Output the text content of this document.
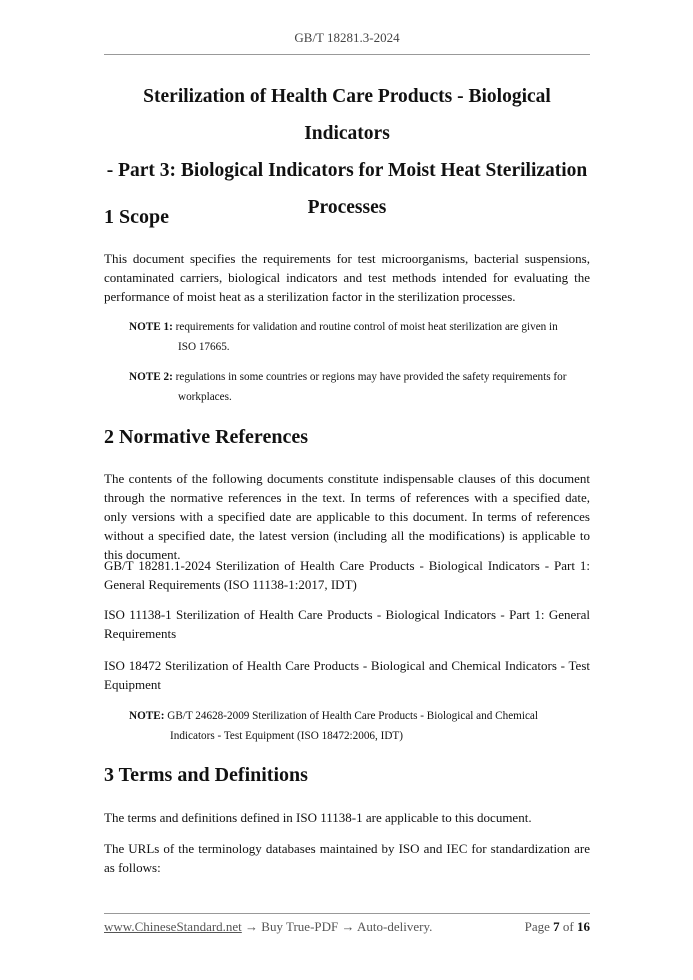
GB/T 18281.3-2024
Sterilization of Health Care Products - Biological Indicators
- Part 3: Biological Indicators for Moist Heat Sterilization
Processes
1 Scope
This document specifies the requirements for test microorganisms, bacterial suspensions, contaminated carriers, biological indicators and test methods intended for evaluating the performance of moist heat as a sterilization factor in the sterilization processes.
NOTE 1: requirements for validation and routine control of moist heat sterilization are given in
ISO 17665.
NOTE 2: regulations in some countries or regions may have provided the safety requirements for
workplaces.
2 Normative References
The contents of the following documents constitute indispensable clauses of this document through the normative references in the text. In terms of references with a specified date, only versions with a specified date are applicable to this document. In terms of references without a specified date, the latest version (including all the modifications) is applicable to this document.
GB/T 18281.1-2024 Sterilization of Health Care Products - Biological Indicators - Part 1: General Requirements (ISO 11138-1:2017, IDT)
ISO 11138-1 Sterilization of Health Care Products - Biological Indicators - Part 1: General Requirements
ISO 18472 Sterilization of Health Care Products - Biological and Chemical Indicators - Test Equipment
NOTE: GB/T 24628-2009 Sterilization of Health Care Products - Biological and Chemical
Indicators - Test Equipment (ISO 18472:2006, IDT)
3 Terms and Definitions
The terms and definitions defined in ISO 11138-1 are applicable to this document.
The URLs of the terminology databases maintained by ISO and IEC for standardization are as follows:
www.ChineseStandard.net → Buy True-PDF → Auto-delivery.	Page 7 of 16
